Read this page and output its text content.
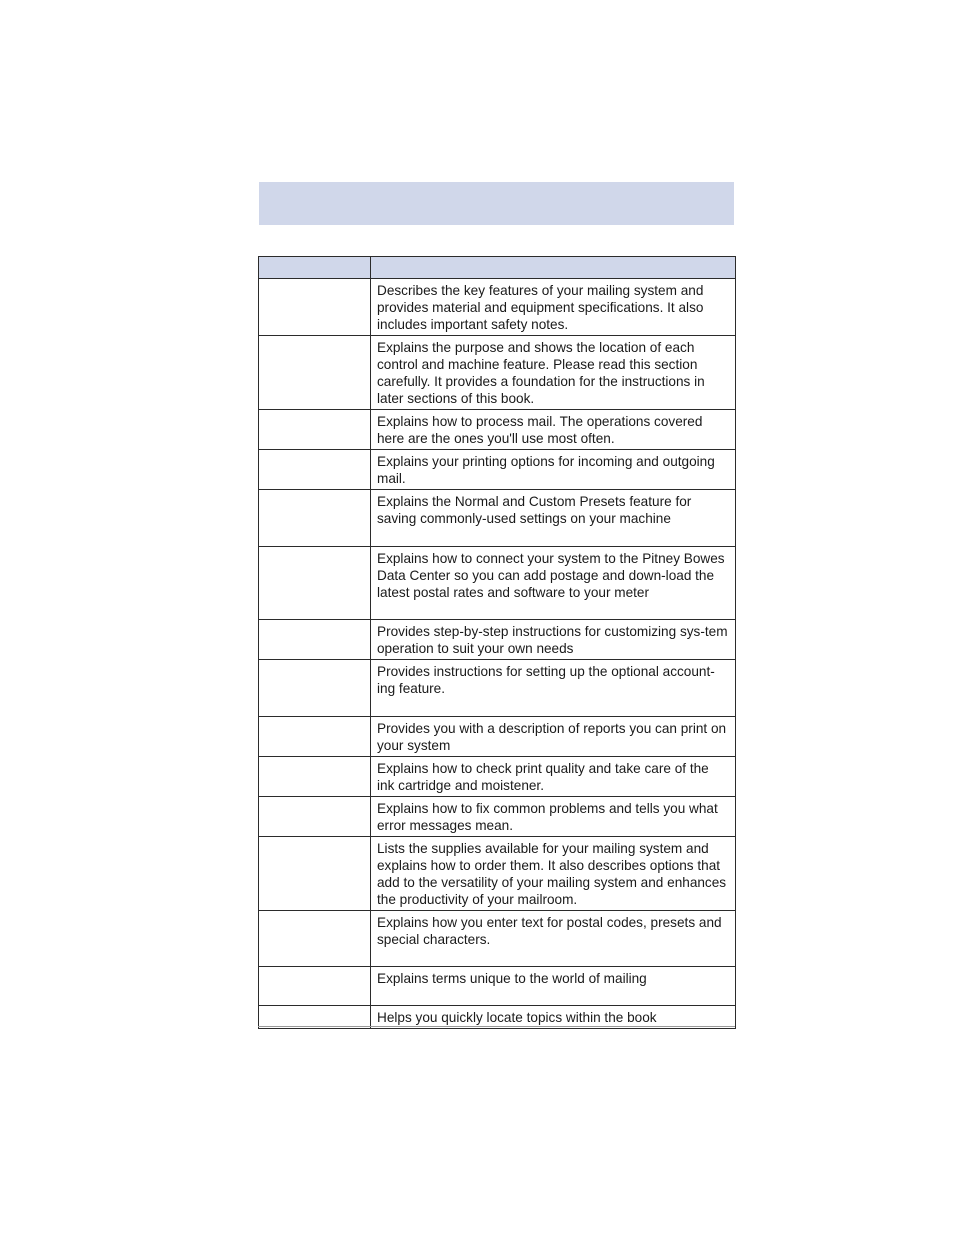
	Describes the key features of your mailing system and provides material and equipment specifications. It also includes important safety notes.
	Explains the purpose and shows the location of each control and machine feature. Please read this section carefully. It provides a foundation for the instructions in later sections of this book.
	Explains how to process mail. The operations covered here are the ones you'll use most often.
	Explains your printing options for incoming and outgoing mail.
	Explains the Normal and Custom Presets feature for saving commonly-used settings on your machine
	Explains how to connect your system to the Pitney Bowes Data Center so you can add postage and down-load the latest postal rates and software to your meter
	Provides step-by-step instructions for customizing sys-tem operation to suit your own needs
	Provides instructions for setting up the optional account-ing feature.
	Provides you with a description of reports you can print on your system
	Explains how to check print quality and take care of the ink cartridge and moistener.
	Explains how to fix common problems and tells you what error messages mean.
	Lists the supplies available for your mailing system and explains how to order them. It also describes options that add to the versatility of your mailing system and enhances the productivity of your mailroom.
	Explains how you enter text for postal codes, presets and special characters.
	Explains terms unique to the world of mailing
	Helps you quickly locate topics within the book
